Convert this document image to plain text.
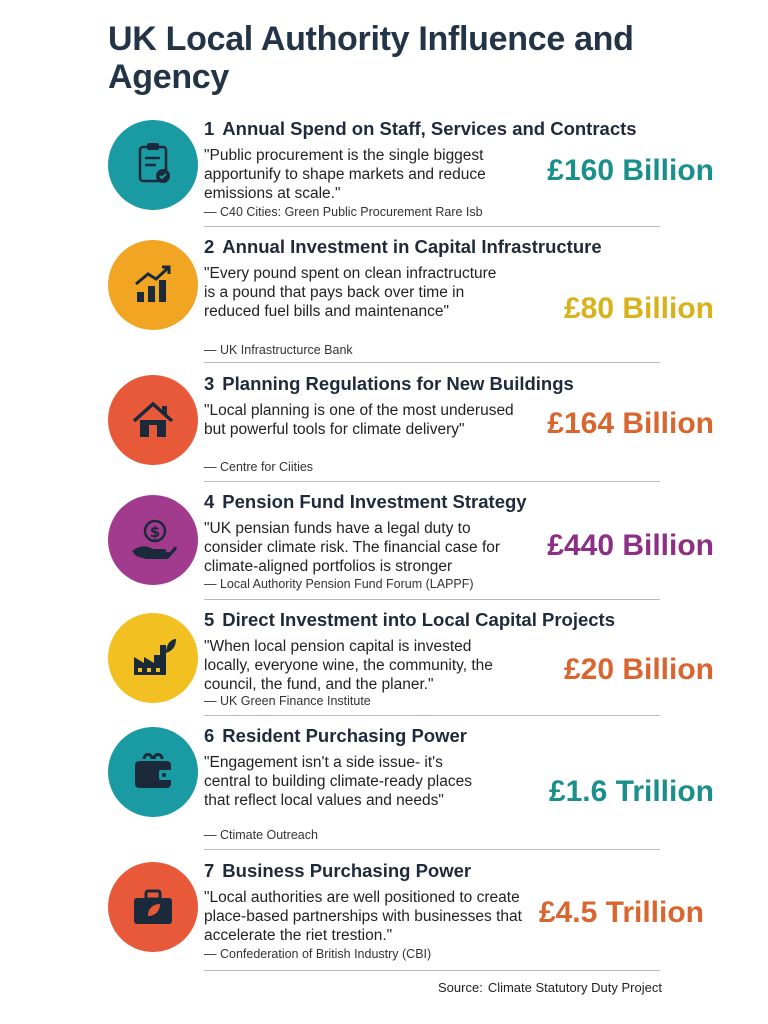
UK Local Authority Influence and Agency
1 Annual Spend on Staff, Services and Contracts
"Public procurement is the single biggest apportunify to shape markets and reduce emissions at scale."
— C40 Cities: Green Public Procurement Rare Isb
£160 Billion
2 Annual Investment in Capital Infrastructure
"Every pound spent on clean infractructure is a pound that pays back over time in reduced fuel bills and maintenance"
— UK Infrastructurce Bank
£80 Billion
3 Planning Regulations for New Buildings
"Local planning is one of the most underused but powerful tools for climate delivery"
— Centre for Ciities
£164 Billion
$
4 Pension Fund Investment Strategy
"UK pensian funds have a legal duty to consider climate risk. The financial case for climate-aligned portfolios is stronger
— Local Authority Pension Fund Forum (LAPPF)
£440 Billion
5 Direct Investment into Local Capital Projects
"When local pension capital is invested locally, everyone wine, the community, the council, the fund, and the planer."
— UK Green Finance Institute
£20 Billion
6 Resident Purchasing Power
"Engagement isn't a side issue- it's central to building climate-ready places that reflect local values and needs"
— Ctimate Outreach
£1.6 Trillion
7 Business Purchasing Power
"Local authorities are well positioned to create place-based partnerships with businesses that accelerate the riet trestion."
— Confederation of British Industry (CBI)
£4.5 Trillion
Source: Climate Statutory Duty Project
